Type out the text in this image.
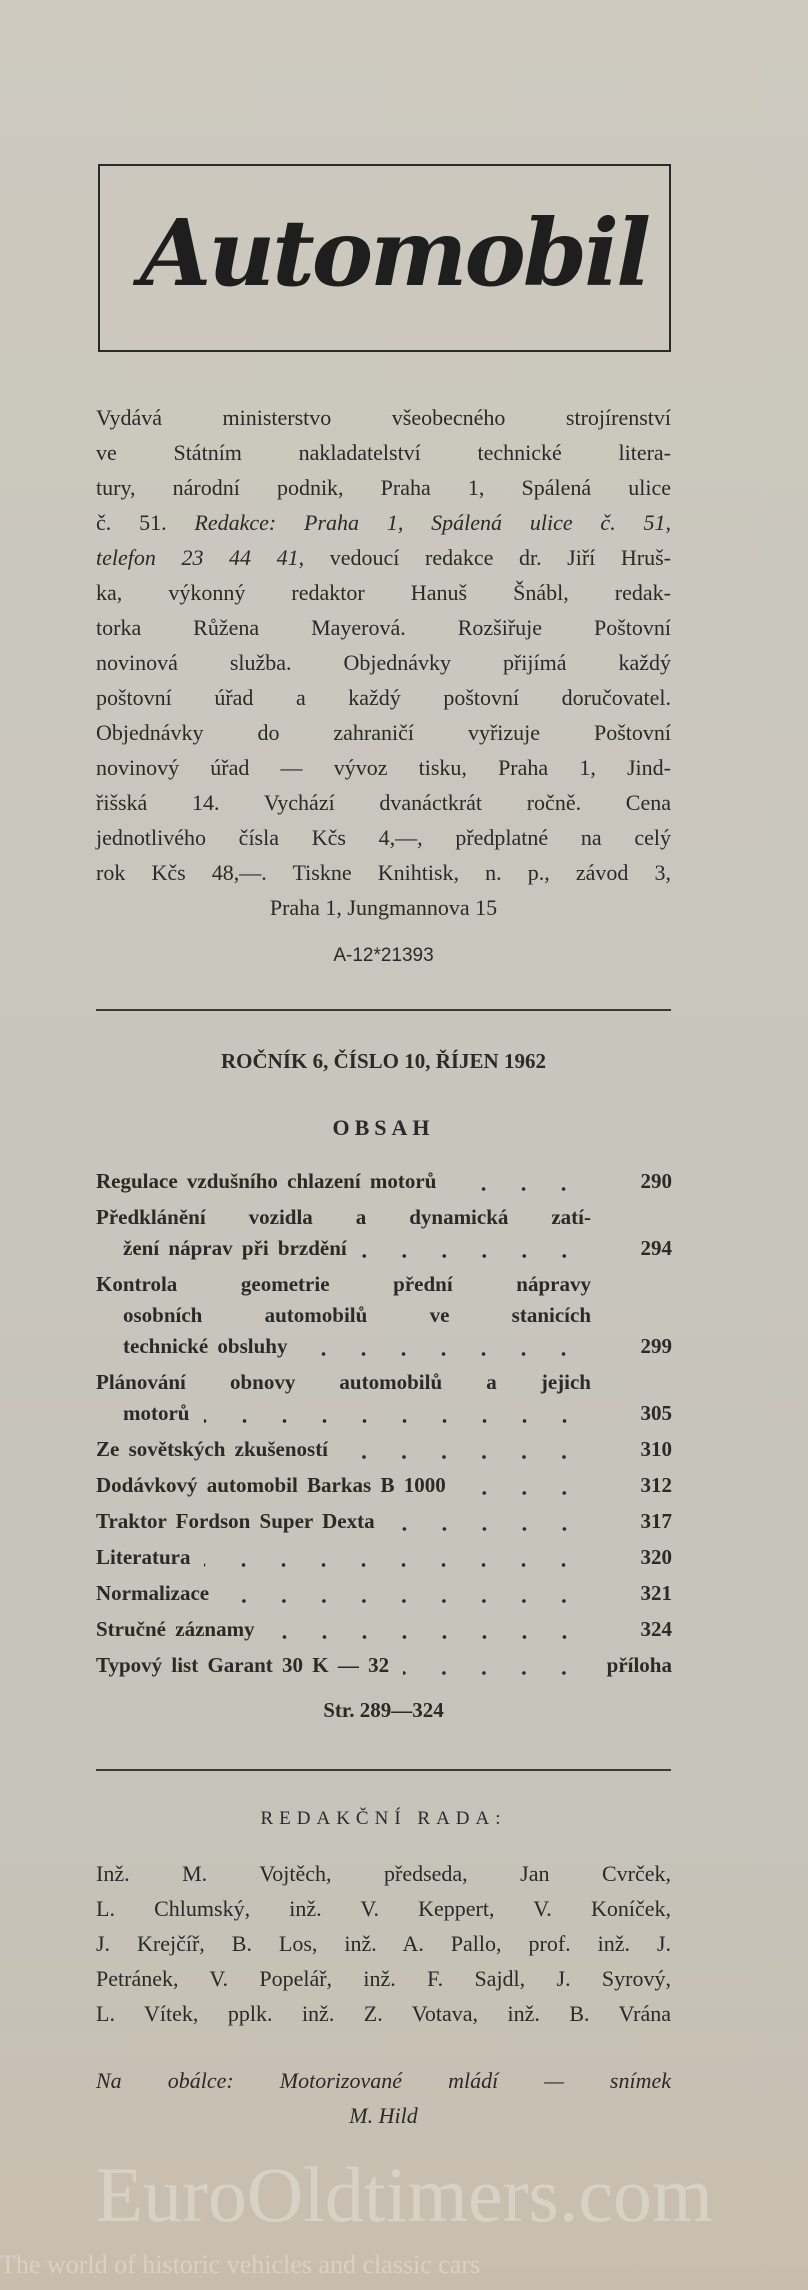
Automobil
Vydává ministerstvo všeobecného strojírenství
ve Státním nakladatelství technické litera-
tury, národní podnik, Praha 1, Spálená ulice
č. 51. Redakce: Praha 1, Spálená ulice č. 51,
telefon 23 44 41, vedoucí redakce dr. Jiří Hruš-
ka, výkonný redaktor Hanuš Šnábl, redak-
torka Růžena Mayerová. Rozšiřuje Poštovní
novinová služba. Objednávky přijímá každý
poštovní úřad a každý poštovní doručovatel.
Objednávky do zahraničí vyřizuje Poštovní
novinový úřad — vývoz tisku, Praha 1, Jind-
řišská 14. Vychází dvanáctkrát ročně. Cena
jednotlivého čísla Kčs 4,—, předplatné na celý
rok Kčs 48,—. Tiskne Knihtisk, n. p., závod 3,
Praha 1, Jungmannova 15
A-12*21393
ROČNÍK 6, ČÍSLO 10, ŘÍJEN 1962
OBSAH
Regulace vzdušního chlazení motorů	290
Předklánění vozidla a dynamická zatí-
žení náprav při brzdění	294
Kontrola geometrie přední nápravy
osobních automobilů ve stanicích
technické obsluhy	299
Plánování obnovy automobilů a jejich
motorů	305
Ze sovětských zkušeností	310
Dodávkový automobil Barkas B 1000	312
Traktor Fordson Super Dexta	317
Literatura	320
Normalizace	321
Stručné záznamy	324
Typový list Garant 30 K — 32	příloha
Str. 289—324
REDAKČNÍ RADA:
Inž. M. Vojtěch, předseda, Jan Cvrček,
L. Chlumský, inž. V. Keppert, V. Koníček,
J. Krejčíř, B. Los, inž. A. Pallo, prof. inž. J.
Petránek, V. Popelář, inž. F. Sajdl, J. Syrový,
L. Vítek, pplk. inž. Z. Votava, inž. B. Vrána
Na obálce: Motorizované mládí — snímek
M. Hild
EuroOldtimers.com
The world of historic vehicles and classic cars
